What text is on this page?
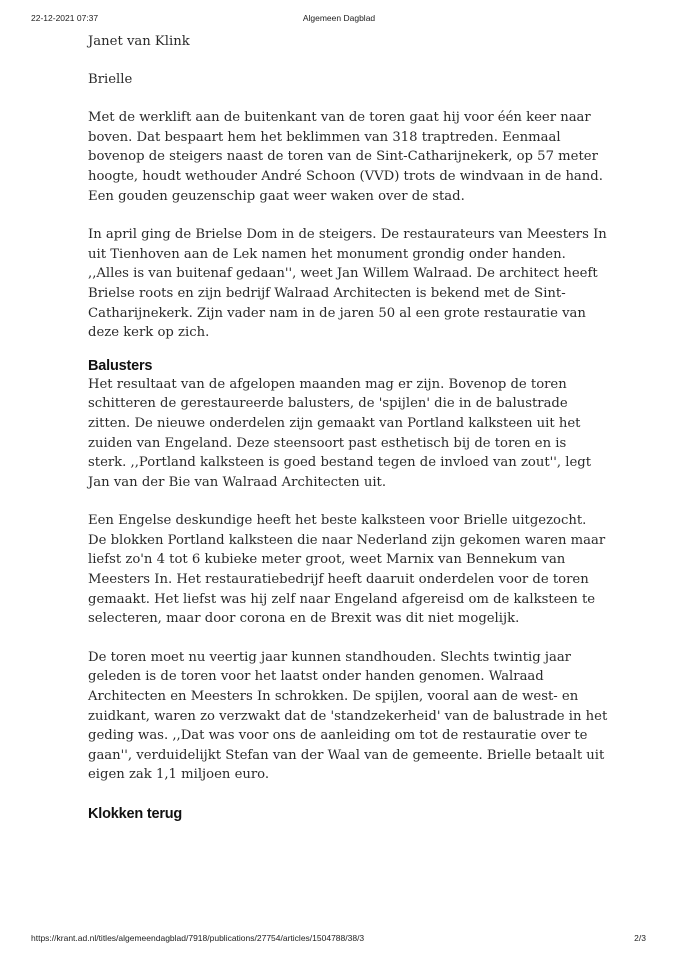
22-12-2021 07:37	Algemeen Dagblad

Janet van Klink

Brielle

Met de werklift aan de buitenkant van de toren gaat hij voor één keer naar boven. Dat bespaart hem het beklimmen van 318 traptreden. Eenmaal bovenop de steigers naast de toren van de Sint-Catharijnekerk, op 57 meter hoogte, houdt wethouder André Schoon (VVD) trots de windvaan in de hand. Een gouden geuzenschip gaat weer waken over de stad.

In april ging de Brielse Dom in de steigers. De restaurateurs van Meesters In uit Tienhoven aan de Lek namen het monument grondig onder handen. ,,Alles is van buitenaf gedaan'', weet Jan Willem Walraad. De architect heeft Brielse roots en zijn bedrijf Walraad Architecten is bekend met de Sint-Catharijnekerk. Zijn vader nam in de jaren 50 al een grote restauratie van deze kerk op zich.

Balusters

Het resultaat van de afgelopen maanden mag er zijn. Bovenop de toren schitteren de gerestaureerde balusters, de 'spijlen' die in de balustrade zitten. De nieuwe onderdelen zijn gemaakt van Portland kalksteen uit het zuiden van Engeland. Deze steensoort past esthetisch bij de toren en is sterk. ,,Portland kalksteen is goed bestand tegen de invloed van zout'', legt Jan van der Bie van Walraad Architecten uit.

Een Engelse deskundige heeft het beste kalksteen voor Brielle uitgezocht. De blokken Portland kalksteen die naar Nederland zijn gekomen waren maar liefst zo'n 4 tot 6 kubieke meter groot, weet Marnix van Bennekum van Meesters In. Het restauratiebedrijf heeft daaruit onderdelen voor de toren gemaakt. Het liefst was hij zelf naar Engeland afgereisd om de kalksteen te selecteren, maar door corona en de Brexit was dit niet mogelijk.

De toren moet nu veertig jaar kunnen standhouden. Slechts twintig jaar geleden is de toren voor het laatst onder handen genomen. Walraad Architecten en Meesters In schrokken. De spijlen, vooral aan de west- en zuidkant, waren zo verzwakt dat de 'standzekerheid' van de balustrade in het geding was. ,,Dat was voor ons de aanleiding om tot de restauratie over te gaan'', verduidelijkt Stefan van der Waal van de gemeente. Brielle betaalt uit eigen zak 1,1 miljoen euro.

Klokken terug
https://krant.ad.nl/titles/algemeendagblad/7918/publications/27754/articles/1504788/38/3	2/3
